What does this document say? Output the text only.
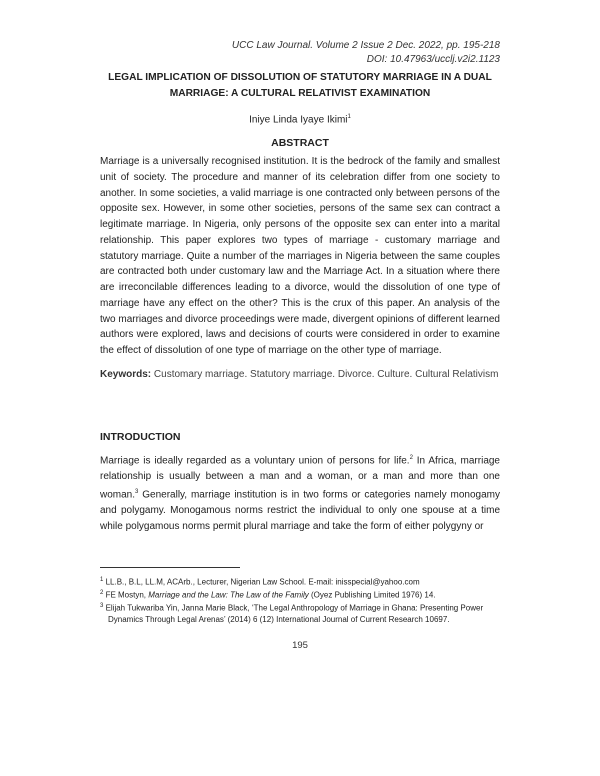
UCC Law Journal. Volume 2 Issue 2 Dec. 2022, pp. 195-218
DOI: 10.47963/ucclj.v2i2.1123
LEGAL IMPLICATION OF DISSOLUTION OF STATUTORY MARRIAGE IN A DUAL
MARRIAGE: A CULTURAL RELATIVIST EXAMINATION
Iniye Linda Iyaye Ikimi$^1$
ABSTRACT
Marriage is a universally recognised institution. It is the bedrock of the family and smallest unit of society. The procedure and manner of its celebration differ from one society to another. In some societies, a valid marriage is one contracted only between persons of the opposite sex. However, in some other societies, persons of the same sex can contract a legitimate marriage. In Nigeria, only persons of the opposite sex can enter into a marital relationship. This paper explores two types of marriage - customary marriage and statutory marriage. Quite a number of the marriages in Nigeria between the same couples are contracted both under customary law and the Marriage Act. In a situation where there are irreconcilable differences leading to a divorce, would the dissolution of one type of marriage have any effect on the other? This is the crux of this paper. An analysis of the two marriages and divorce proceedings were made, divergent opinions of different learned authors were explored, laws and decisions of courts were considered in order to examine the effect of dissolution of one type of marriage on the other type of marriage.
Keywords: Customary marriage. Statutory marriage. Divorce. Culture. Cultural Relativism
INTRODUCTION
Marriage is ideally regarded as a voluntary union of persons for life.$^2$ In Africa, marriage relationship is usually between a man and a woman, or a man and more than one woman.$^3$ Generally, marriage institution is in two forms or categories namely monogamy and polygamy. Monogamous norms restrict the individual to only one spouse at a time while polygamous norms permit plural marriage and take the form of either polygyny or

$^1$ LL.B., B.L, LL.M, ACArb., Lecturer, Nigerian Law School. E-mail: inisspecial@yahoo.com

$^2$ FE Mostyn, Marriage and the Law: The Law of the Family (Oyez Publishing Limited 1976) 14.

$^3$ Elijah Tukwariba Yin, Janna Marie Black, ‘The Legal Anthropology of Marriage in Ghana: Presenting Power
Dynamics Through Legal Arenas’ (2014) 6 (12) International Journal of Current Research 10697.

195
